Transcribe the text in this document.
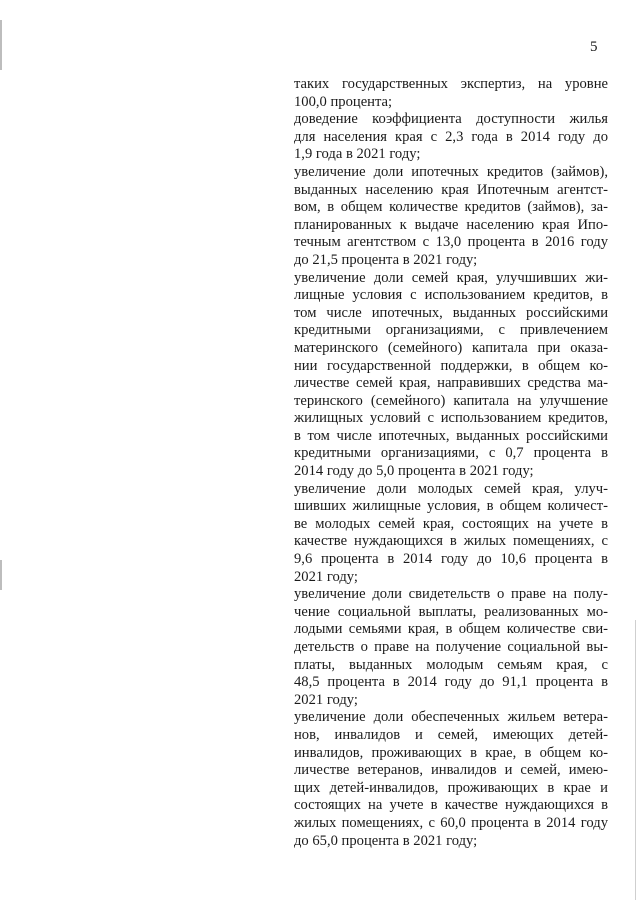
5
таких государственных экспертиз, на уровне
100,0 процента;
доведение коэффициента доступности жилья
для населения края с 2,3 года в 2014 году до
1,9 года в 2021 году;
увеличение доли ипотечных кредитов (займов),
выданных населению края Ипотечным агентст-
вом, в общем количестве кредитов (займов), за-
планированных к выдаче населению края Ипо-
течным агентством с 13,0 процента в 2016 году
до 21,5 процента в 2021 году;
увеличение доли семей края, улучшивших жи-
лищные условия с использованием кредитов, в
том числе ипотечных, выданных российскими
кредитными организациями, с привлечением
материнского (семейного) капитала при оказа-
нии государственной поддержки, в общем ко-
личестве семей края, направивших средства ма-
теринского (семейного) капитала на улучшение
жилищных условий с использованием кредитов,
в том числе ипотечных, выданных российскими
кредитными организациями, с 0,7 процента в
2014 году до 5,0 процента в 2021 году;
увеличение доли молодых семей края, улуч-
шивших жилищные условия, в общем количест-
ве молодых семей края, состоящих на учете в
качестве нуждающихся в жилых помещениях, с
9,6 процента в 2014 году до 10,6 процента в
2021 году;
увеличение доли свидетельств о праве на полу-
чение социальной выплаты, реализованных мо-
лодыми семьями края, в общем количестве сви-
детельств о праве на получение социальной вы-
платы, выданных молодым семьям края, с
48,5 процента в 2014 году до 91,1 процента в
2021 году;
увеличение доли обеспеченных жильем ветера-
нов, инвалидов и семей, имеющих детей-
инвалидов, проживающих в крае, в общем ко-
личестве ветеранов, инвалидов и семей, имею-
щих детей-инвалидов, проживающих в крае и
состоящих на учете в качестве нуждающихся в
жилых помещениях, с 60,0 процента в 2014 году
до 65,0 процента в 2021 году;
